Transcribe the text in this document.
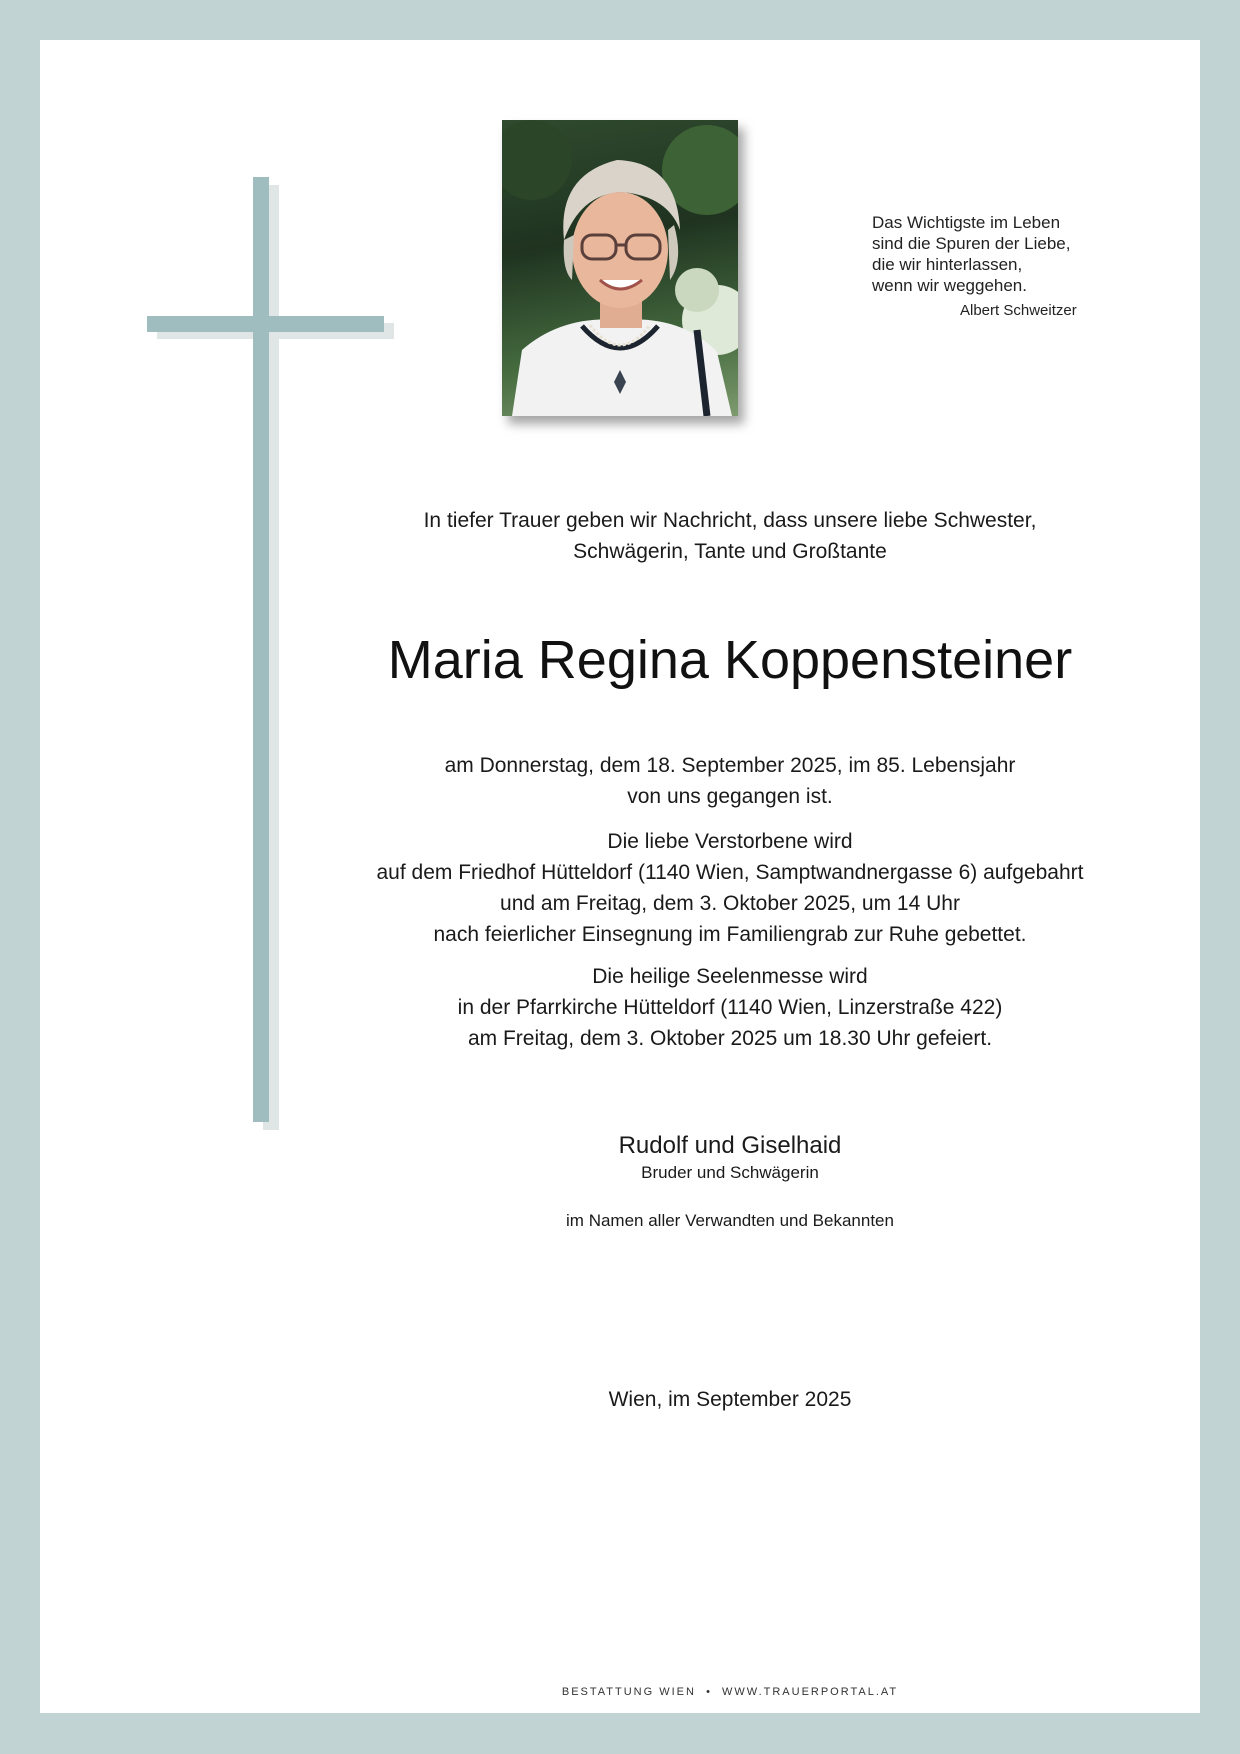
Das Wichtigste im Leben
sind die Spuren der Liebe,
die wir hinterlassen,
wenn wir weggehen.
Albert Schweitzer
In tiefer Trauer geben wir Nachricht, dass unsere liebe Schwester,
Schwägerin, Tante und Großtante
Maria Regina Koppensteiner
am Donnerstag, dem 18. September 2025, im 85. Lebensjahr
von uns gegangen ist.
Die liebe Verstorbene wird
auf dem Friedhof Hütteldorf (1140 Wien, Samptwandnergasse 6) aufgebahrt
und am Freitag, dem 3. Oktober 2025, um 14 Uhr
nach feierlicher Einsegnung im Familiengrab zur Ruhe gebettet.
Die heilige Seelenmesse wird
in der Pfarrkirche Hütteldorf (1140 Wien, Linzerstraße 422)
am Freitag, dem 3. Oktober 2025 um 18.30 Uhr gefeiert.
Rudolf und Giselhaid
Bruder und Schwägerin
im Namen aller Verwandten und Bekannten
Wien, im September 2025
BESTATTUNG WIEN  •  WWW.TRAUERPORTAL.AT
